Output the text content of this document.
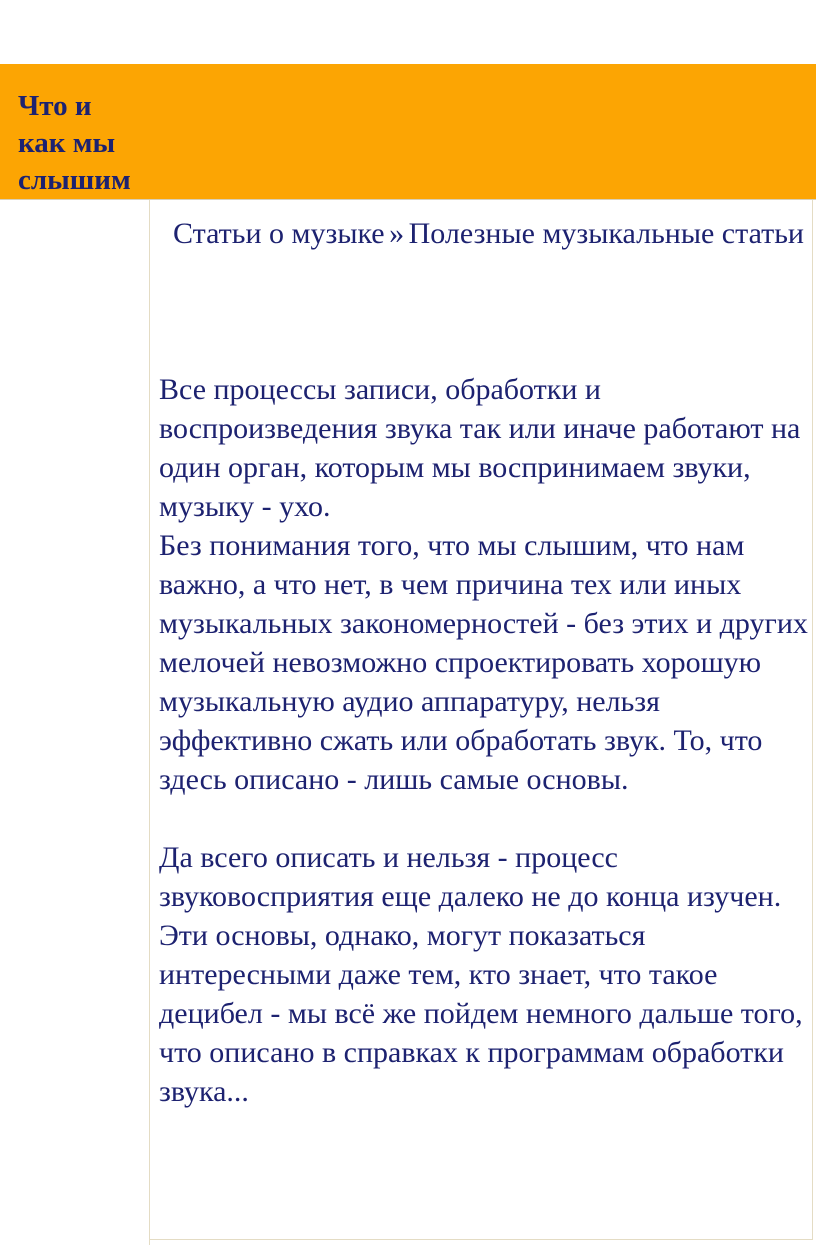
Что и
как мы
слышим
Статьи о музыке » Полезные музыкальные статьи

Все процессы записи, обработки и воспроизведения звука так или иначе работают на один орган, которым мы воспринимаем звуки, музыку - ухо.

Без понимания того, что мы слышим, что нам важно, а что нет, в чем причина тех или иных музыкальных закономерностей - без этих и других мелочей невозможно спроектировать хорошую музыкальную аудио аппаратуру, нельзя эффективно сжать или обработать звук. То, что здесь описано - лишь самые основы.

Да всего описать и нельзя - процесс звуковосприятия еще далеко не до конца изучен. Эти основы, однако, могут показаться интересными даже тем, кто знает, что такое децибел - мы всё же пойдем немного дальше того, что описано в справках к программам обработки звука...
